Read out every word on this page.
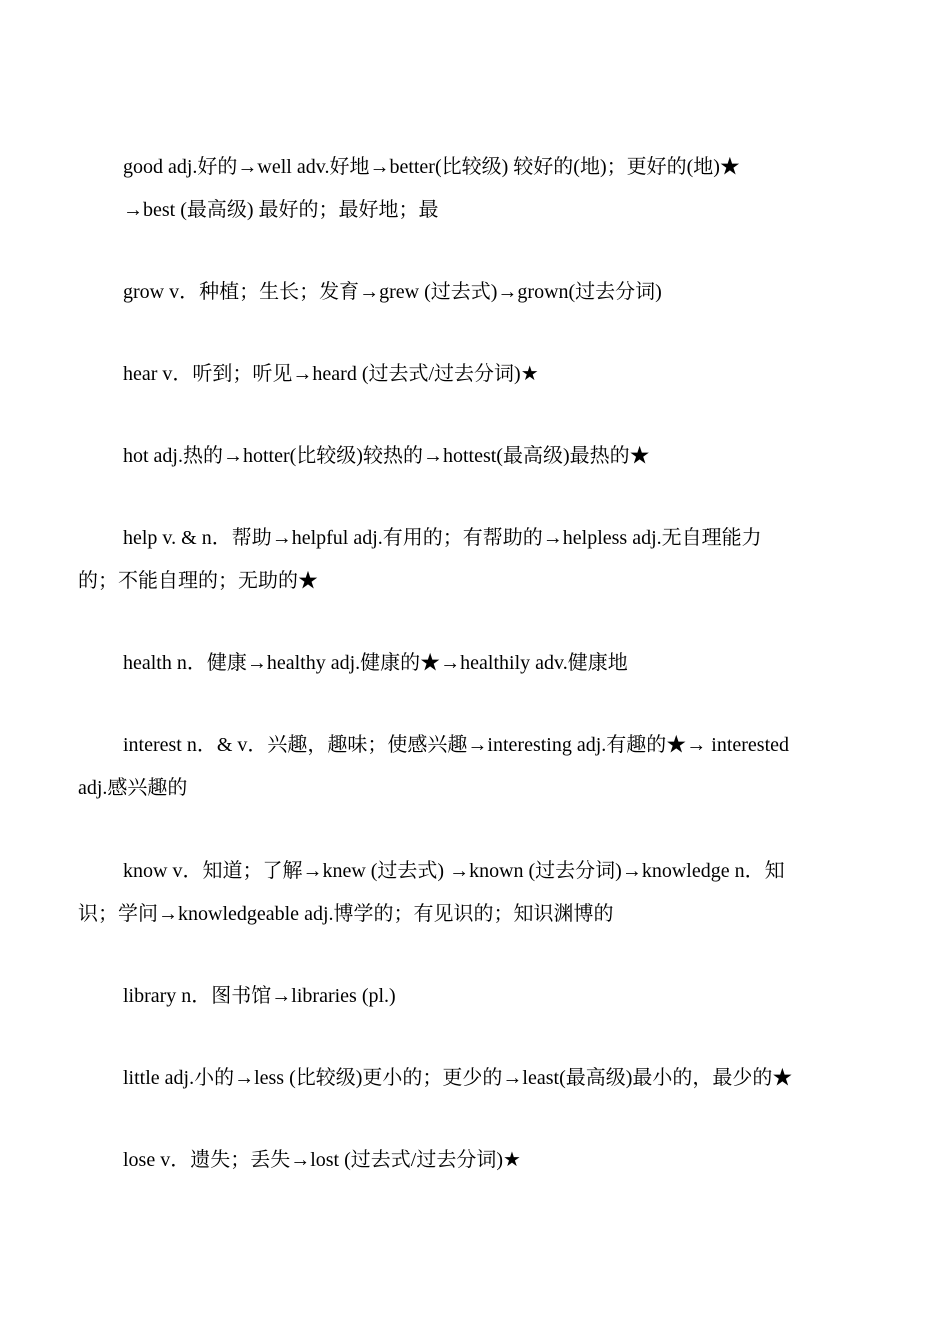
good adj.好的→well adv.好地→better(比较级) 较好的(地)；更好的(地)★
→best (最高级) 最好的；最好地；最
grow v．种植；生长；发育→grew (过去式)→grown(过去分词)
hear v．听到；听见→heard (过去式/过去分词)★
hot adj.热的→hotter(比较级)较热的→hottest(最高级)最热的★
help v. & n．帮助→helpful adj.有用的；有帮助的→helpless adj.无自理能力
的；不能自理的；无助的★
health n．健康→healthy adj.健康的★→healthily adv.健康地
interest n．& v．兴趣，趣味；使感兴趣→interesting adj.有趣的★→ interested
adj.感兴趣的
know v．知道；了解→knew (过去式) →known (过去分词)→knowledge n．知
识；学问→knowledgeable adj.博学的；有见识的；知识渊博的
library n．图书馆→libraries (pl.)
little adj.小的→less (比较级)更小的；更少的→least(最高级)最小的，最少的★
lose v．遗失；丢失→lost (过去式/过去分词)★
